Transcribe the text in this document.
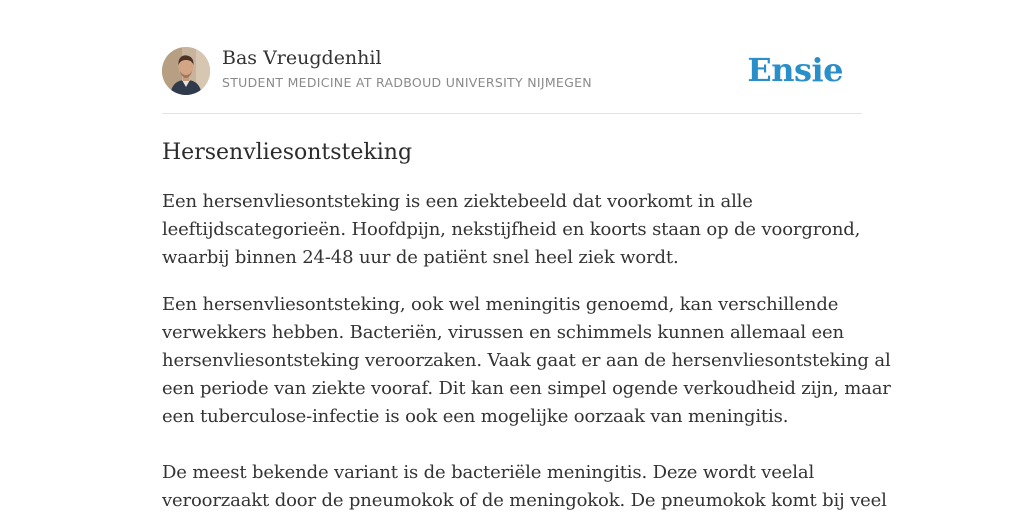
Bas Vreugdenhil
STUDENT MEDICINE AT RADBOUD UNIVERSITY NIJMEGEN	Ensie
Hersenvliesontsteking

Een hersenvliesontsteking is een ziektebeeld dat voorkomt in alle
leeftijdscategorieën. Hoofdpijn, nekstijfheid en koorts staan op de voorgrond,
waarbij binnen 24-48 uur de patiënt snel heel ziek wordt.

Een hersenvliesontsteking, ook wel meningitis genoemd, kan verschillende
verwekkers hebben. Bacteriën, virussen en schimmels kunnen allemaal een
hersenvliesontsteking veroorzaken. Vaak gaat er aan de hersenvliesontsteking al
een periode van ziekte vooraf. Dit kan een simpel ogende verkoudheid zijn, maar
een tuberculose-infectie is ook een mogelijke oorzaak van meningitis.

De meest bekende variant is de bacteriële meningitis. Deze wordt veelal
veroorzaakt door de pneumokok of de meningokok. De pneumokok komt bij veel
